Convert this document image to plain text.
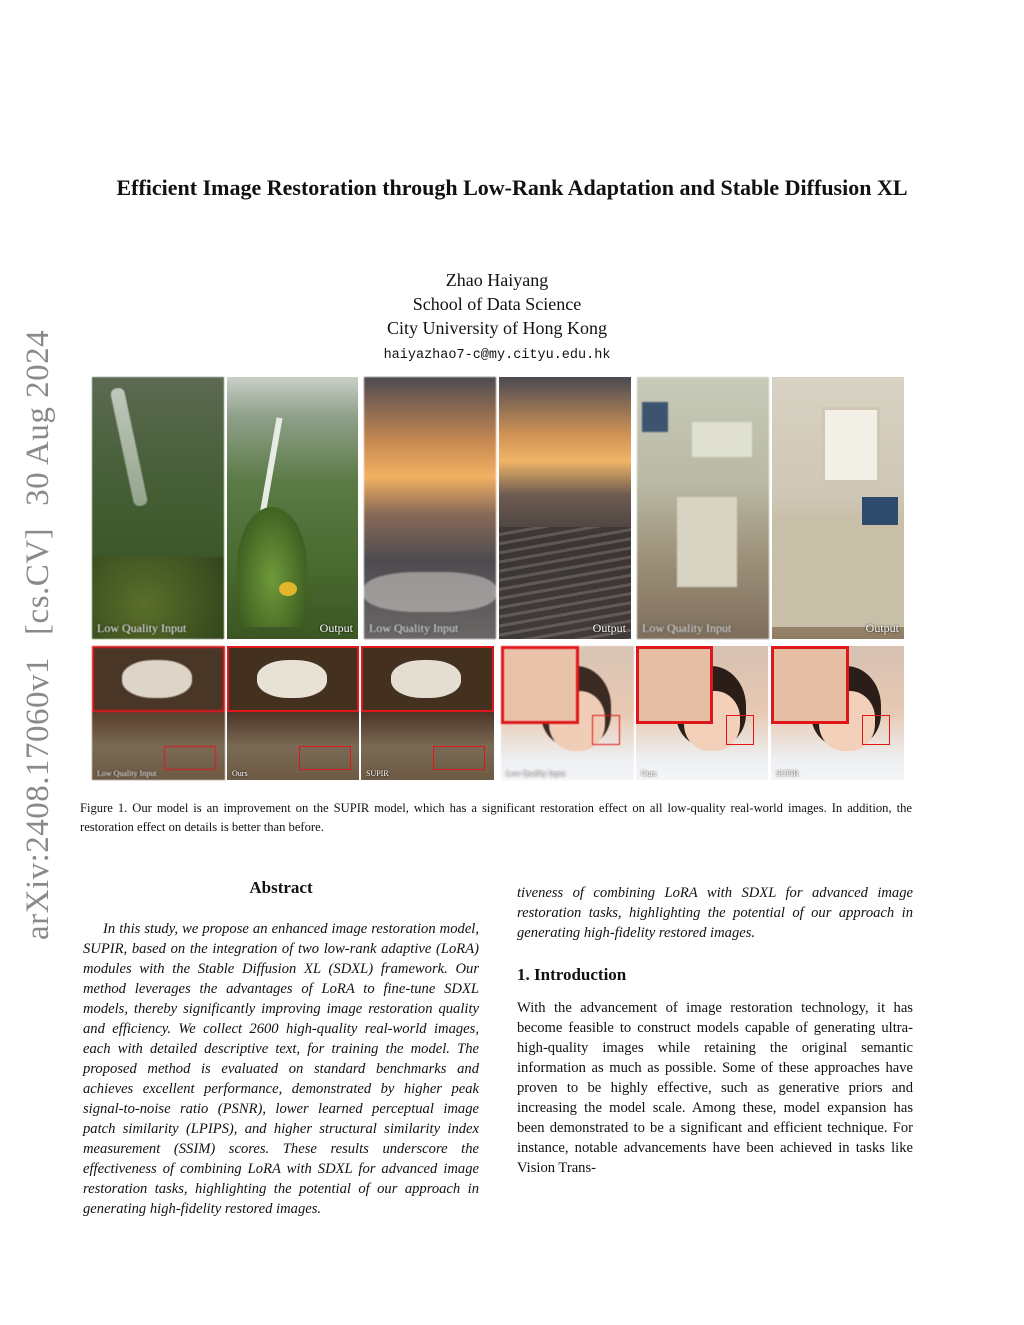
arXiv:2408.17060v1[cs.CV]30 Aug 2024
Efficient Image Restoration through Low-Rank Adaptation and Stable Diffusion XL
Zhao Haiyang
School of Data Science
City University of Hong Kong
haiyazhao7-c@my.cityu.edu.hk
Low Quality Input	Output Low Quality Input	Output Low Quality Input	Output
Low Quality Input	Ours	SUPIR	Low Quality Input	Ours	SUPIR
Figure 1. Our model is an improvement on the SUPIR model, which has a significant restoration effect on all low-quality real-world images. In addition, the restoration effect on details is better than before.
Abstract
In this study, we propose an enhanced image restoration model, SUPIR, based on the integration of two low-rank adaptive (LoRA) modules with the Stable Diffusion XL (SDXL) framework. Our method leverages the advantages of LoRA to fine-tune SDXL models, thereby significantly improving image restoration quality and efficiency. We collect 2600 high-quality real-world images, each with detailed descriptive text, for training the model. The proposed method is evaluated on standard benchmarks and achieves excellent performance, demonstrated by higher peak signal-to-noise ratio (PSNR), lower learned perceptual image patch similarity (LPIPS), and higher structural similarity index measurement (SSIM) scores. These results underscore the effectiveness of combining LoRA with SDXL for advanced image restoration tasks, highlighting the potential of our approach in generating high-fidelity restored images.
tiveness of combining LoRA with SDXL for advanced image restoration tasks, highlighting the potential of our approach in generating high-fidelity restored images.
1. Introduction
With the advancement of image restoration technology, it has become feasible to construct models capable of generating ultra-high-quality images while retaining the original semantic information as much as possible. Some of these approaches have proven to be highly effective, such as generative priors and increasing the model scale. Among these, model expansion has been demonstrated to be a significant and efficient technique. For instance, notable advancements have been achieved in tasks like Vision Trans-
